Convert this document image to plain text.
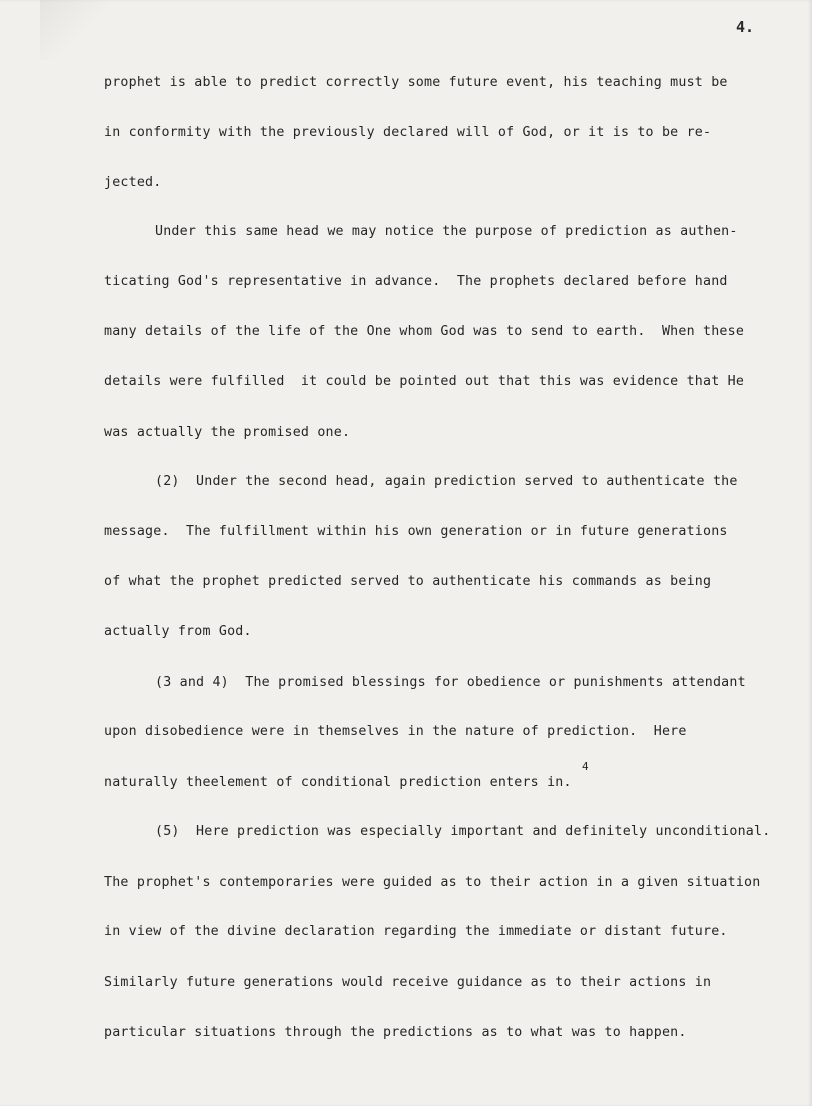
4.
prophet is able to predict correctly some future event, his teaching must be
in conformity with the previously declared will of God, or it is to be re-
jected.
Under this same head we may notice the purpose of prediction as authen-
ticating God's representative in advance.  The prophets declared before hand
many details of the life of the One whom God was to send to earth.  When these
details were fulfilled  it could be pointed out that this was evidence that He
was actually the promised one.
(2)  Under the second head, again prediction served to authenticate the
message.  The fulfillment within his own generation or in future generations
of what the prophet predicted served to authenticate his commands as being
actually from God.
(3 and 4)  The promised blessings for obedience or punishments attendant
upon disobedience were in themselves in the nature of prediction.  Here
naturally theelement of conditional prediction enters in.
4
(5)  Here prediction was especially important and definitely unconditional.
The prophet's contemporaries were guided as to their action in a given situation
in view of the divine declaration regarding the immediate or distant future.
Similarly future generations would receive guidance as to their actions in
particular situations through the predictions as to what was to happen.
